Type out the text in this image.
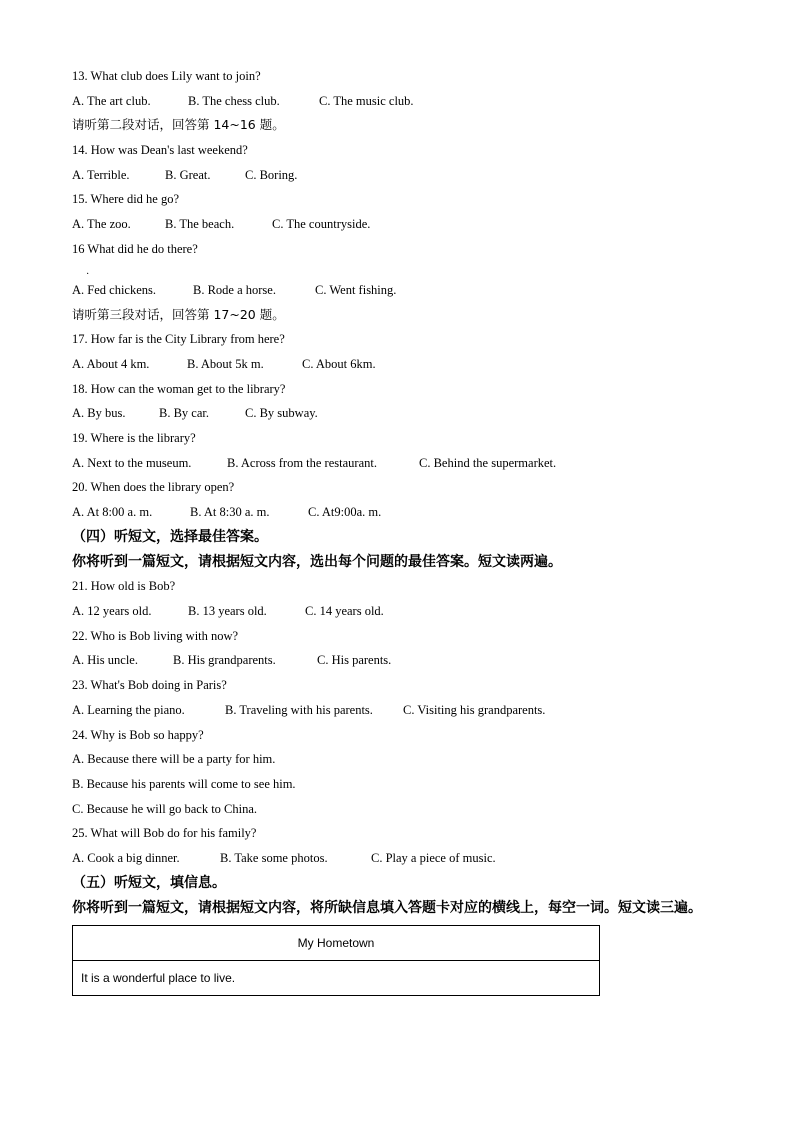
13. What club does Lily want to join?
A. The art club.	B. The chess club.	C. The music club.
请听第二段对话，回答第 14~16 题。
14. How was Dean's last weekend?
A. Terrible.	B. Great.	C. Boring.
15. Where did he go?
A. The zoo.	B. The beach.	C. The countryside.
16 What did he do there?
·
A. Fed chickens.	B. Rode a horse.	C. Went fishing.
请听第三段对话，回答第 17~20 题。
17. How far is the City Library from here?
A. About 4 km.	B. About 5k m.	C. About 6km.
18. How can the woman get to the library?
A. By bus.	B. By car.	C. By subway.
19. Where is the library?
A. Next to the museum.	B. Across from the restaurant.	C. Behind the supermarket.
20. When does the library open?
A. At 8:00 a. m.	B. At 8:30 a. m.	C. At9:00a. m.
（四）听短文，选择最佳答案。
你将听到一篇短文，请根据短文内容，选出每个问题的最佳答案。短文读两遍。
21. How old is Bob?
A. 12 years old.	B. 13 years old.	C. 14 years old.
22. Who is Bob living with now?
A. His uncle.	B. His grandparents.	C. His parents.
23. What's Bob doing in Paris?
A. Learning the piano.	B. Traveling with his parents. C. Visiting his grandparents.
24. Why is Bob so happy?
A. Because there will be a party for him.
B. Because his parents will come to see him.
C. Because he will go back to China.
25. What will Bob do for his family?
A. Cook a big dinner.	B. Take some photos.	C. Play a piece of music.
（五）听短文，填信息。
你将听到一篇短文，请根据短文内容，将所缺信息填入答题卡对应的横线上，每空一词。短文读三遍。
My Hometown
It is a wonderful place to live.
